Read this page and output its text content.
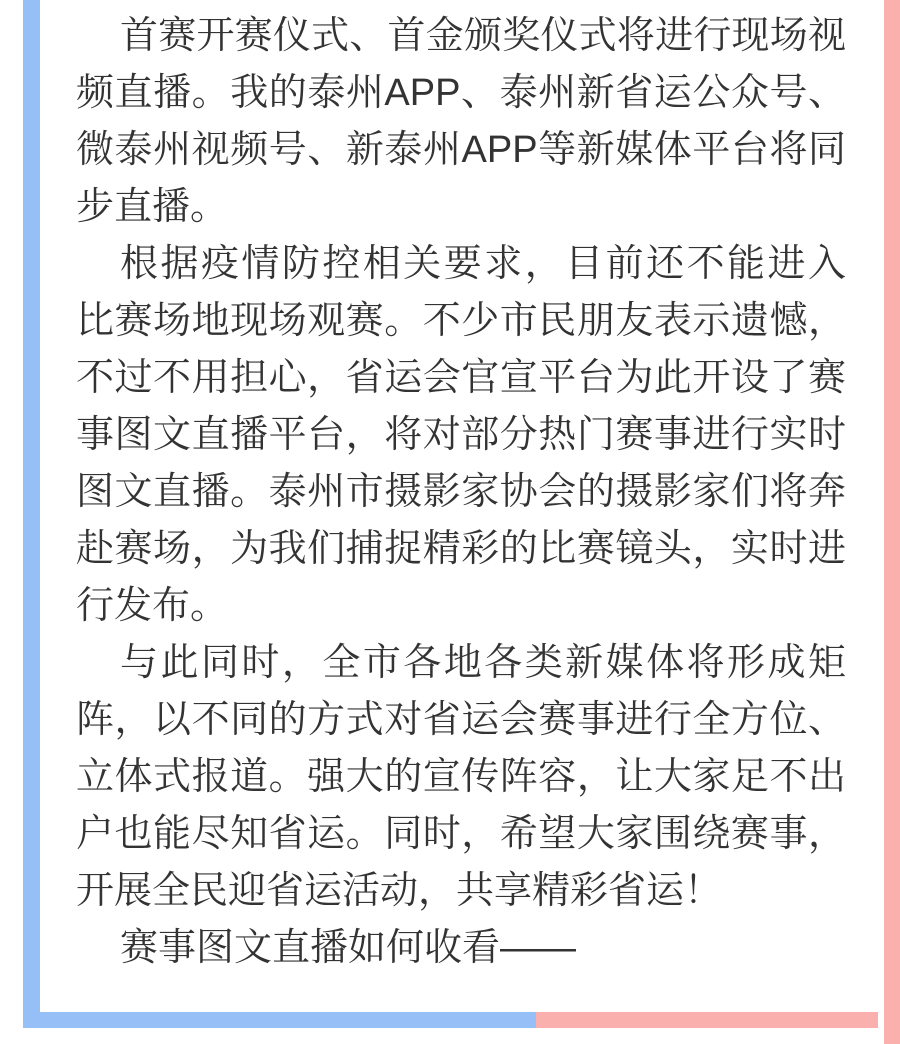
首赛开赛仪式、首金颁奖仪式将进行现场视
频直播。我的泰州APP、泰州新省运公众号、
微泰州视频号、新泰州APP等新媒体平台将同
步直播。
根据疫情防控相关要求，目前还不能进入
比赛场地现场观赛。不少市民朋友表示遗憾，
不过不用担心，省运会官宣平台为此开设了赛
事图文直播平台，将对部分热门赛事进行实时
图文直播。泰州市摄影家协会的摄影家们将奔
赴赛场，为我们捕捉精彩的比赛镜头，实时进
行发布。
与此同时，全市各地各类新媒体将形成矩
阵，以不同的方式对省运会赛事进行全方位、
立体式报道。强大的宣传阵容，让大家足不出
户也能尽知省运。同时，希望大家围绕赛事，
开展全民迎省运活动，共享精彩省运！
赛事图文直播如何收看——
